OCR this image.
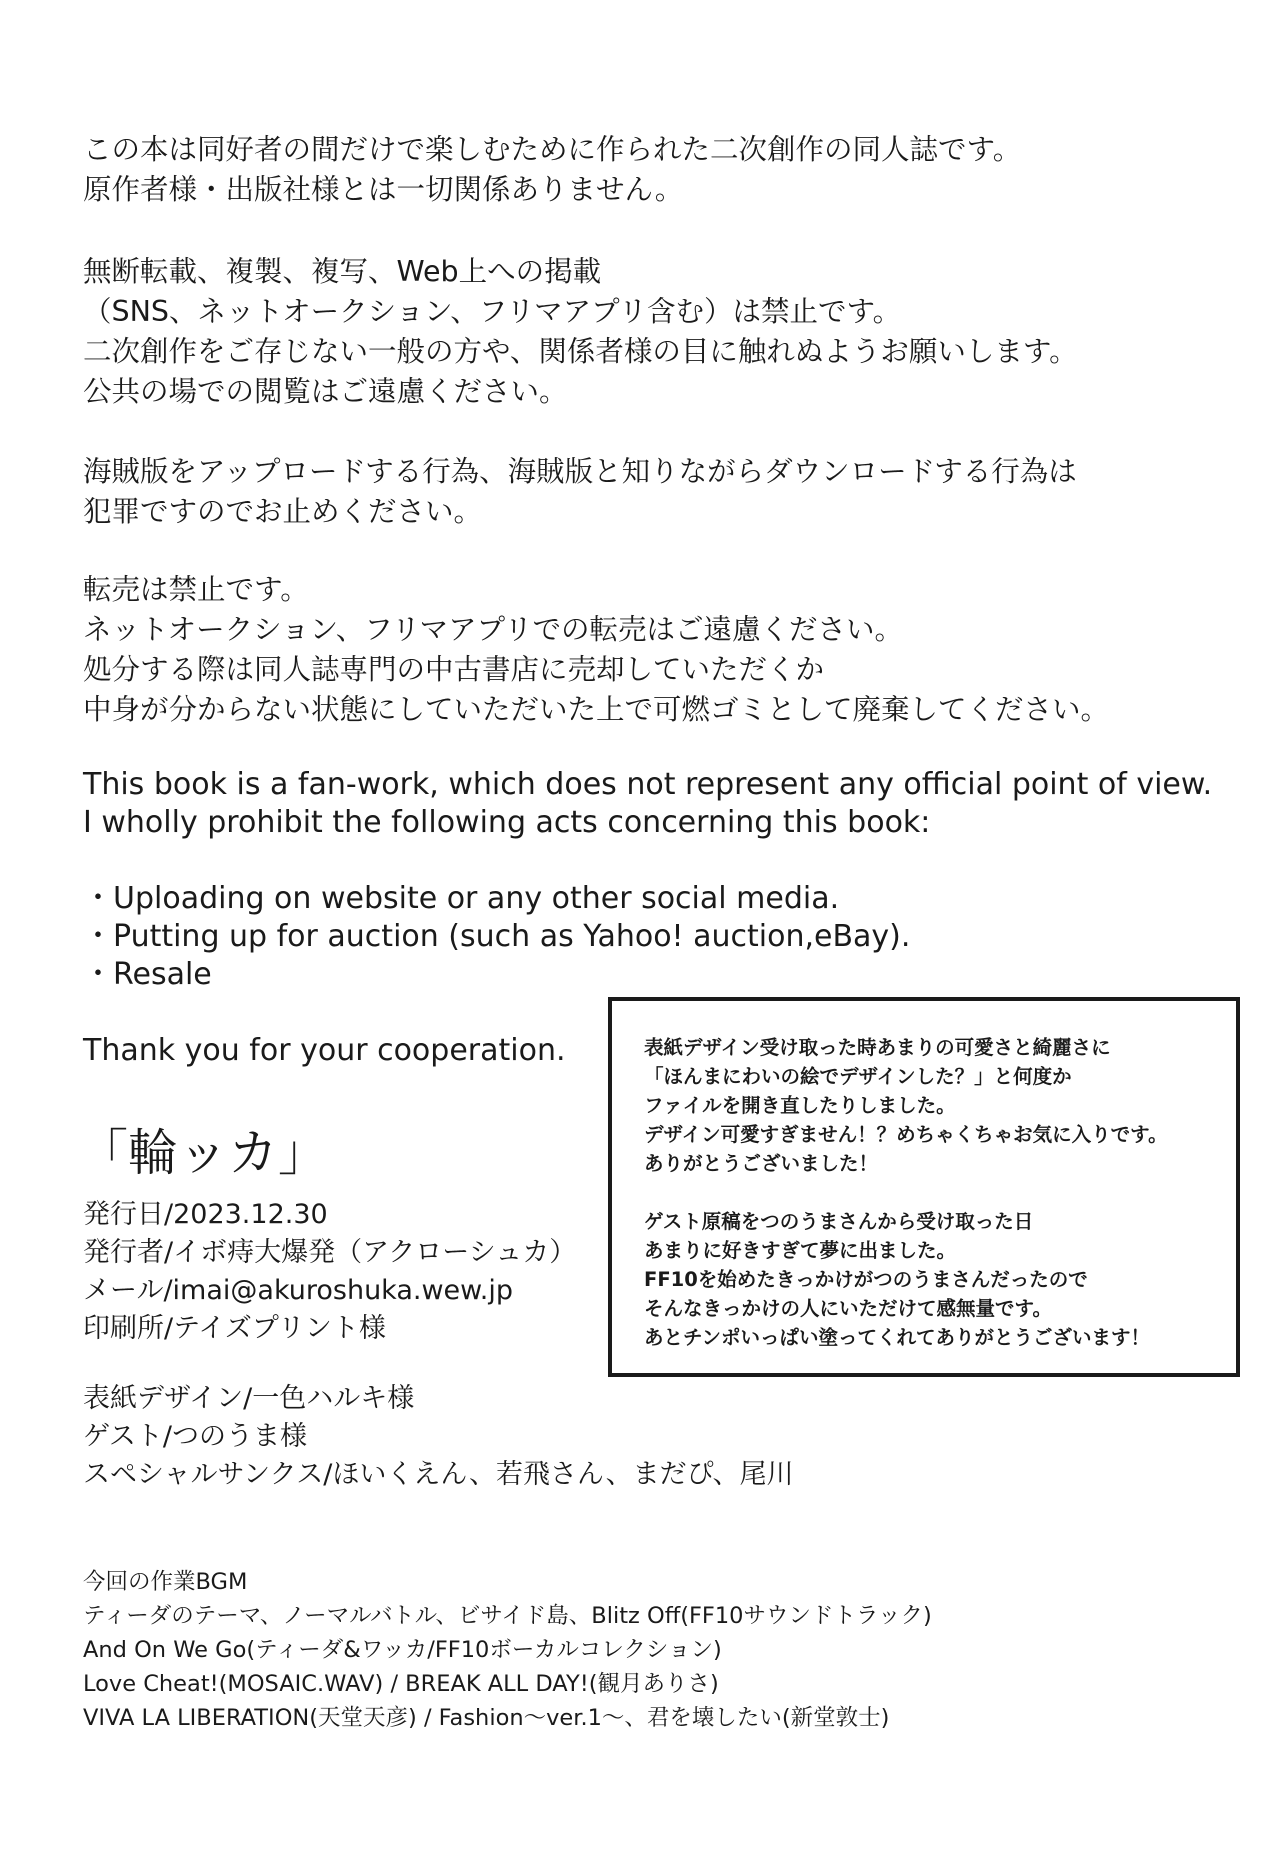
この本は同好者の間だけで楽しむために作られた二次創作の同人誌です。
原作者様・出版社様とは一切関係ありません。
無断転載、複製、複写、Web上への掲載
（SNS、ネットオークション、フリマアプリ含む）は禁止です。
二次創作をご存じない一般の方や、関係者様の目に触れぬようお願いします。
公共の場での閲覧はご遠慮ください。
海賊版をアップロードする行為、海賊版と知りながらダウンロードする行為は
犯罪ですのでお止めください。
転売は禁止です。
ネットオークション、フリマアプリでの転売はご遠慮ください。
処分する際は同人誌専門の中古書店に売却していただくか
中身が分からない状態にしていただいた上で可燃ゴミとして廃棄してください。
This book is a fan-work, which does not represent any official point of view.
I wholly prohibit the following acts concerning this book:
・Uploading on website or any other social media.
・Putting up for auction (such as Yahoo! auction,eBay).
・Resale
Thank you for your cooperation.
「輪ッカ」
発行日/2023.12.30
発行者/イボ痔大爆発（アクローシュカ）
メール/imai@akuroshuka.wew.jp
印刷所/テイズプリント様
表紙デザイン/一色ハルキ様
ゲスト/つのうま様
スペシャルサンクス/ほいくえん、若飛さん、まだぴ、尾川
今回の作業BGM
ティーダのテーマ、ノーマルバトル、ビサイド島、Blitz Off(FF10サウンドトラック)
And On We Go(ティーダ&ワッカ/FF10ボーカルコレクション)
Love Cheat!(MOSAIC.WAV) / BREAK ALL DAY!(観月ありさ)
VIVA LA LIBERATION(天堂天彦) / Fashion～ver.1～、君を壊したい(新堂敦士)
表紙デザイン受け取った時あまりの可愛さと綺麗さに
「ほんまにわいの絵でデザインした？」と何度か
ファイルを開き直したりしました。
デザイン可愛すぎません！？めちゃくちゃお気に入りです。
ありがとうございました！
ゲスト原稿をつのうまさんから受け取った日
あまりに好きすぎて夢に出ました。
FF10を始めたきっかけがつのうまさんだったので
そんなきっかけの人にいただけて感無量です。
あとチンポいっぱい塗ってくれてありがとうございます！
